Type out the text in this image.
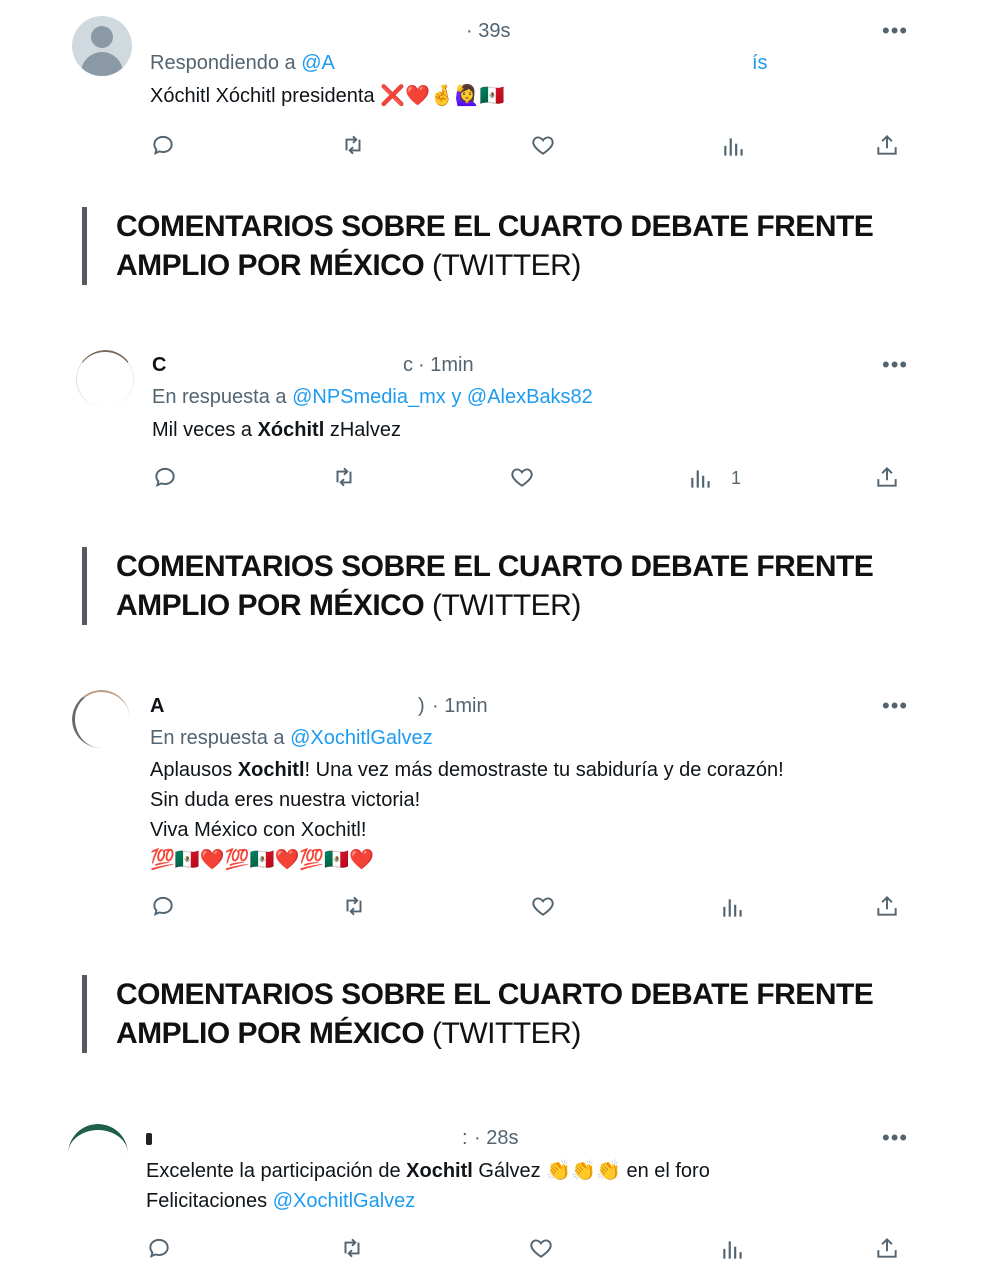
· 39s	•••
Respondiendo a @A	ís
Xóchitl Xóchitl presidenta ❌❤️🤞🙋‍♀️🇲🇽
COMENTARIOS SOBRE EL CUARTO DEBATE FRENTE AMPLIO POR MÉXICO (TWITTER)
C	c · 1min	•••
En respuesta a @NPSmedia_mx y @AlexBaks82
Mil veces a Xóchitl zHalvez
1
COMENTARIOS SOBRE EL CUARTO DEBATE FRENTE AMPLIO POR MÉXICO (TWITTER)
A	) · 1min	•••
En respuesta a @XochitlGalvez
Aplausos Xochitl! Una vez más demostraste tu sabiduría y de corazón!
Sin duda eres nuestra victoria!
Viva México con Xochitl!
💯🇲🇽❤️💯🇲🇽❤️💯🇲🇽❤️
COMENTARIOS SOBRE EL CUARTO DEBATE FRENTE AMPLIO POR MÉXICO (TWITTER)
: · 28s	•••
Excelente la participación de Xochitl Gálvez 👏👏👏 en el foro
Felicitaciones @XochitlGalvez
